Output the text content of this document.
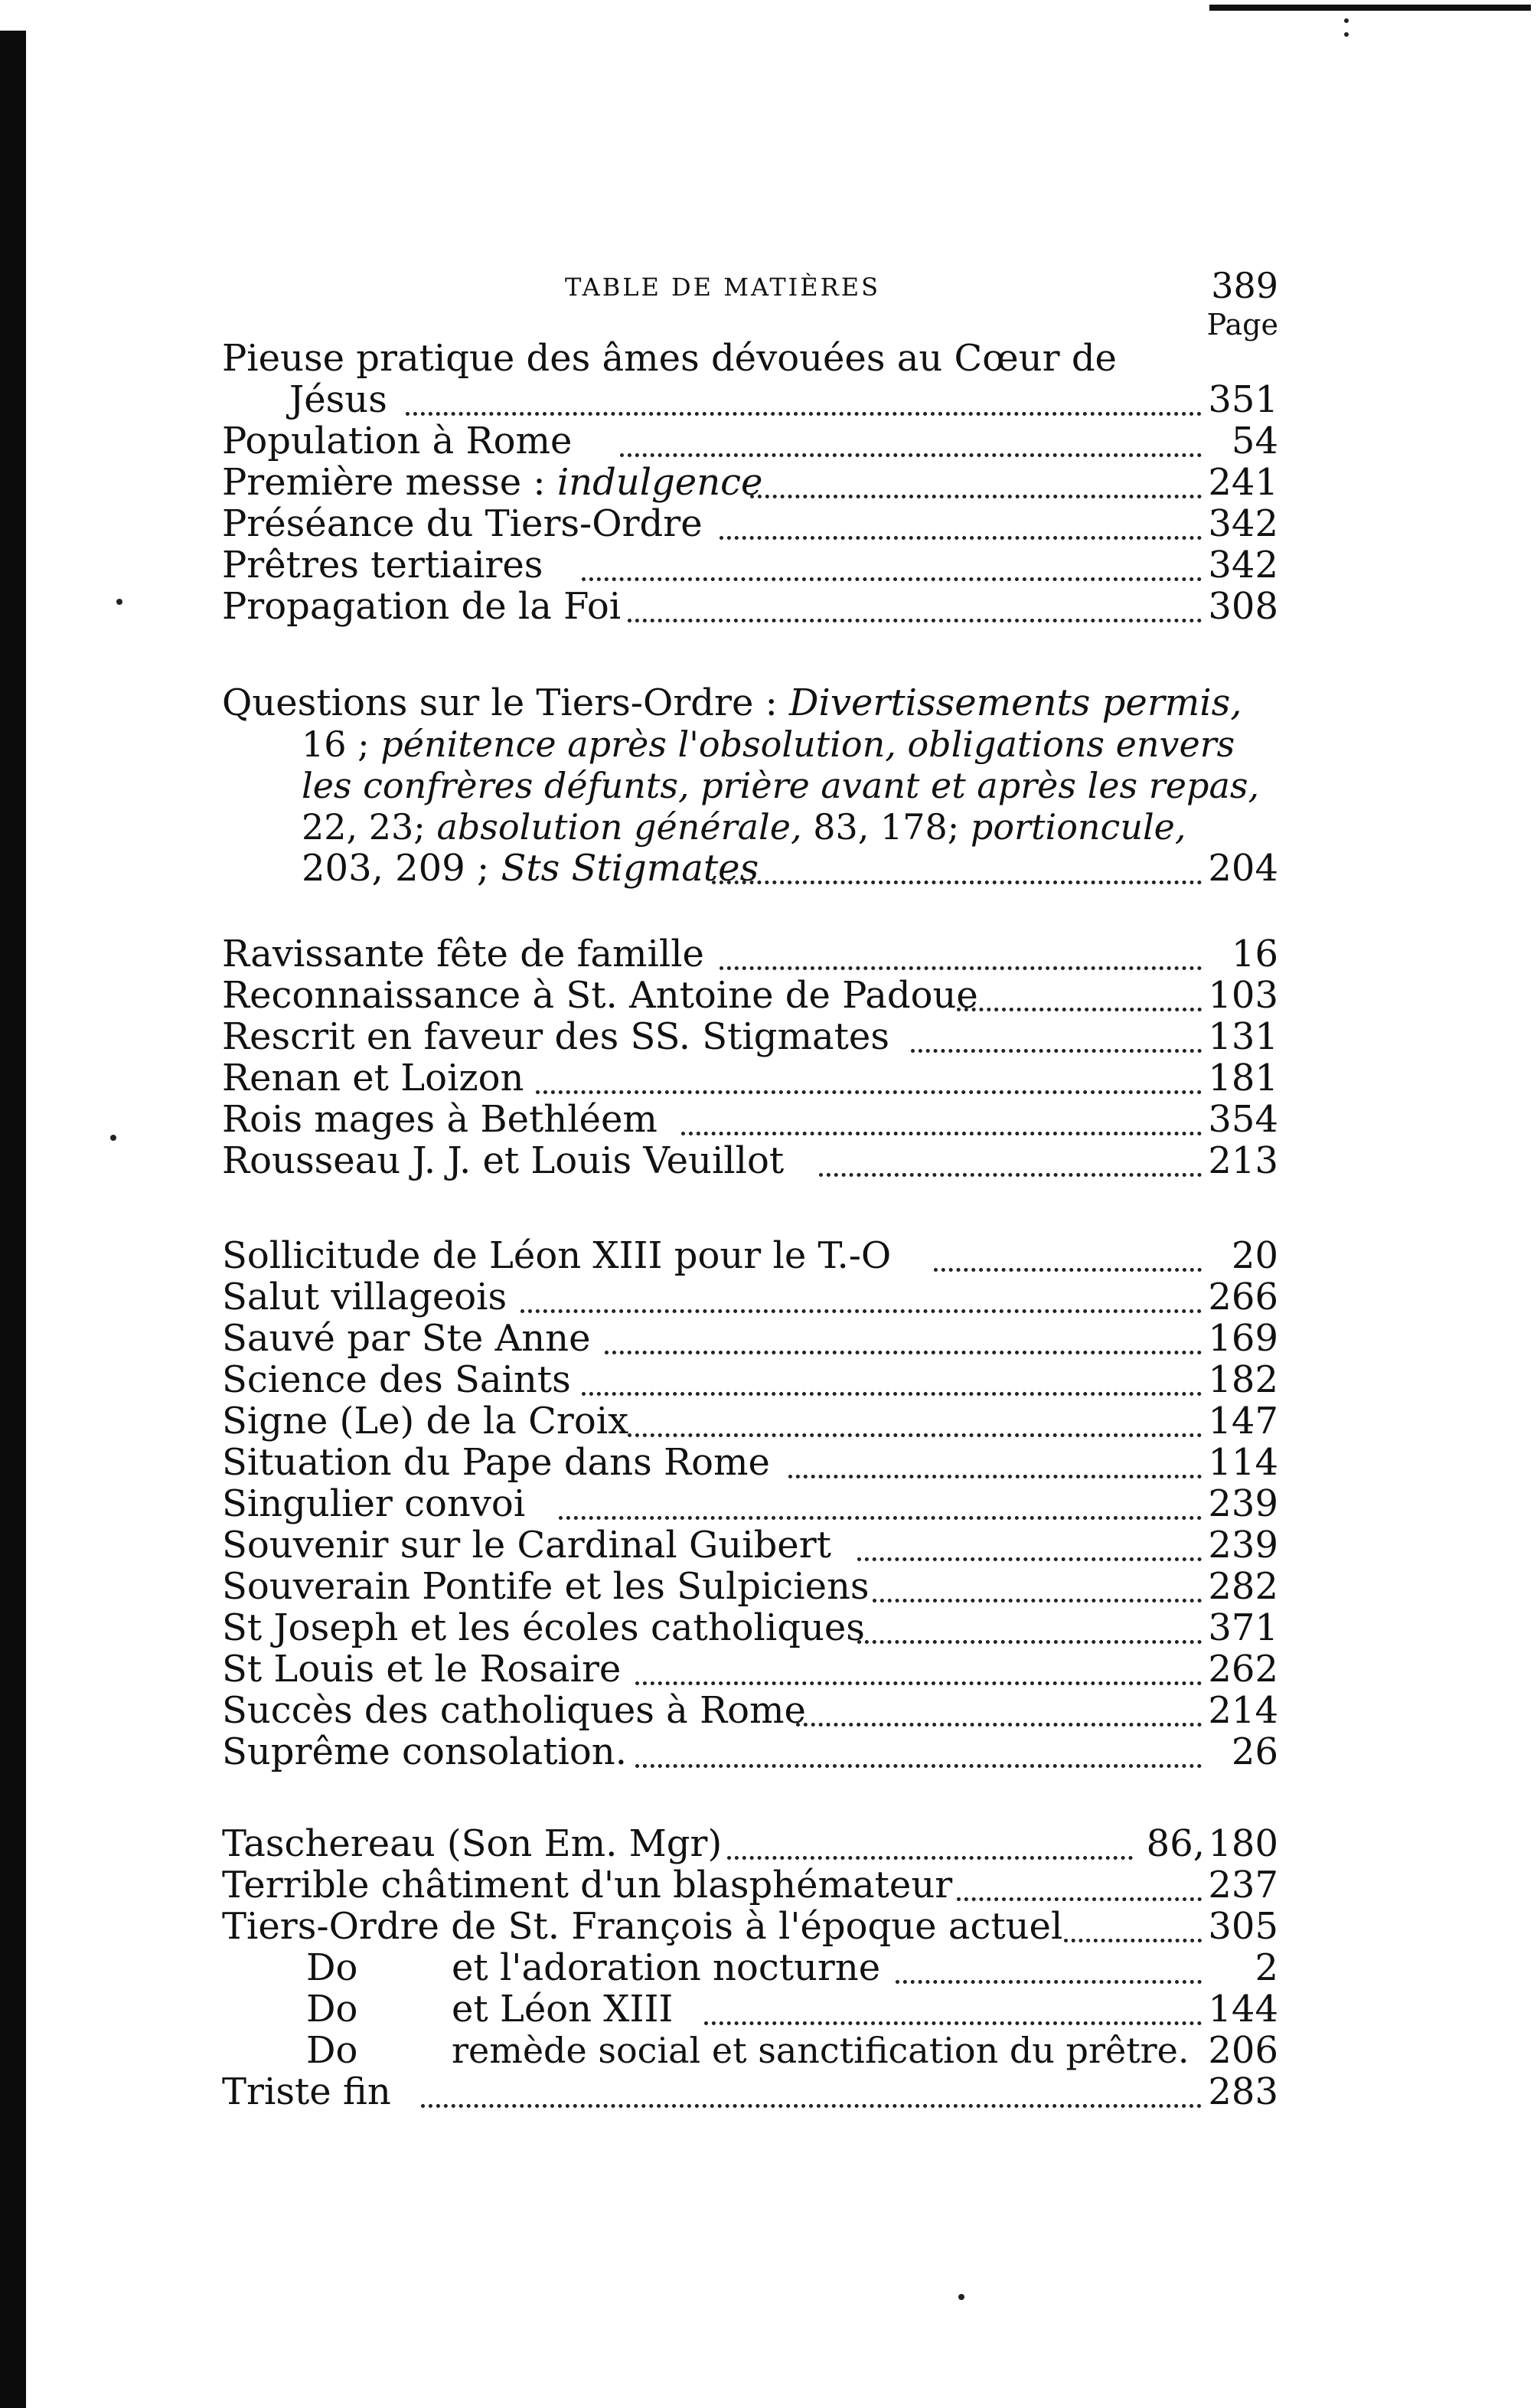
TABLE DE MATIÈRES	389
Page
Pieuse pratique des âmes dévouées au Cœur de
Jésus	351
Population à Rome	54
Première messe : indulgence	241
Préséance du Tiers-Ordre	342
Prêtres tertiaires	342
Propagation de la Foi	308
Questions sur le Tiers-Ordre : Divertissements permis,
16 ; pénitence après l'obsolution, obligations envers
les confrères défunts, prière avant et après les repas,
22, 23; absolution générale, 83, 178; portioncule,
203, 209 ; Sts Stigmates	204
Ravissante fête de famille	16
Reconnaissance à St. Antoine de Padoue	103
Rescrit en faveur des SS. Stigmates	131
Renan et Loizon	181
Rois mages à Bethléem	354
Rousseau J. J. et Louis Veuillot	213
Sollicitude de Léon XIII pour le T.-O	20
Salut villageois	266
Sauvé par Ste Anne	169
Science des Saints	182
Signe (Le) de la Croix	147
Situation du Pape dans Rome	114
Singulier convoi	239
Souvenir sur le Cardinal Guibert	239
Souverain Pontife et les Sulpiciens	282
St Joseph et les écoles catholiques	371
St Louis et le Rosaire	262
Succès des catholiques à Rome	214
Suprême consolation.	26
Taschereau (Son Em. Mgr)	86, 180
Terrible châtiment d'un blasphémateur	237
Tiers-Ordre de St. François à l'époque actuel	305
Do	et l'adoration nocturne	2
Do	et Léon XIII	144
Do	remède social et sanctification du prêtre. 206
Triste fin	283
